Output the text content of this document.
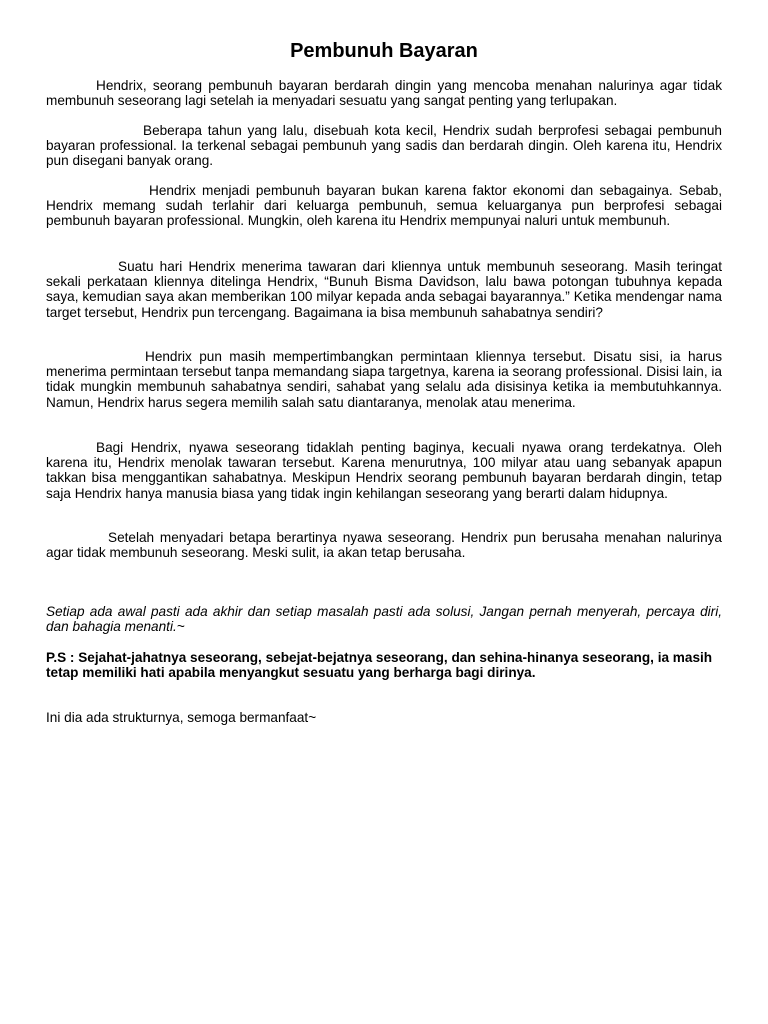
Pembunuh Bayaran

Hendrix, seorang pembunuh bayaran berdarah dingin yang mencoba menahan nalurinya agar tidak membunuh seseorang lagi setelah ia menyadari sesuatu yang sangat penting yang terlupakan.

Beberapa tahun yang lalu, disebuah kota kecil, Hendrix sudah berprofesi sebagai pembunuh bayaran professional. Ia terkenal sebagai pembunuh yang sadis dan berdarah dingin. Oleh karena itu, Hendrix pun disegani banyak orang.

Hendrix menjadi pembunuh bayaran bukan karena faktor ekonomi dan sebagainya. Sebab, Hendrix memang sudah terlahir dari keluarga pembunuh, semua keluarganya pun berprofesi sebagai pembunuh bayaran professional. Mungkin, oleh karena itu Hendrix mempunyai naluri untuk membunuh.

Suatu hari Hendrix menerima tawaran dari kliennya untuk membunuh seseorang. Masih teringat sekali perkataan kliennya ditelinga Hendrix, “Bunuh Bisma Davidson, lalu bawa potongan tubuhnya kepada saya, kemudian saya akan memberikan 100 milyar kepada anda sebagai bayarannya.” Ketika mendengar nama target tersebut, Hendrix pun tercengang. Bagaimana ia bisa membunuh sahabatnya sendiri?

Hendrix pun masih mempertimbangkan permintaan kliennya tersebut. Disatu sisi, ia harus menerima permintaan tersebut tanpa memandang siapa targetnya, karena ia seorang professional. Disisi lain, ia tidak mungkin membunuh sahabatnya sendiri, sahabat yang selalu ada disisinya ketika ia membutuhkannya. Namun, Hendrix harus segera memilih salah satu diantaranya, menolak atau menerima.

Bagi Hendrix, nyawa seseorang tidaklah penting baginya, kecuali nyawa orang terdekatnya. Oleh karena itu, Hendrix menolak tawaran tersebut. Karena menurutnya, 100 milyar atau uang sebanyak apapun takkan bisa menggantikan sahabatnya. Meskipun Hendrix seorang pembunuh bayaran berdarah dingin, tetap saja Hendrix hanya manusia biasa yang tidak ingin kehilangan seseorang yang berarti dalam hidupnya.

Setelah menyadari betapa berartinya nyawa seseorang. Hendrix pun berusaha menahan nalurinya agar tidak membunuh seseorang. Meski sulit, ia akan tetap berusaha.

Setiap ada awal pasti ada akhir dan setiap masalah pasti ada solusi, Jangan pernah menyerah, percaya diri, dan bahagia menanti.~

P.S : Sejahat-jahatnya seseorang, sebejat-bejatnya seseorang, dan sehina-hinanya seseorang, ia masih tetap memiliki hati apabila menyangkut sesuatu yang berharga bagi dirinya.

Ini dia ada strukturnya, semoga bermanfaat~
